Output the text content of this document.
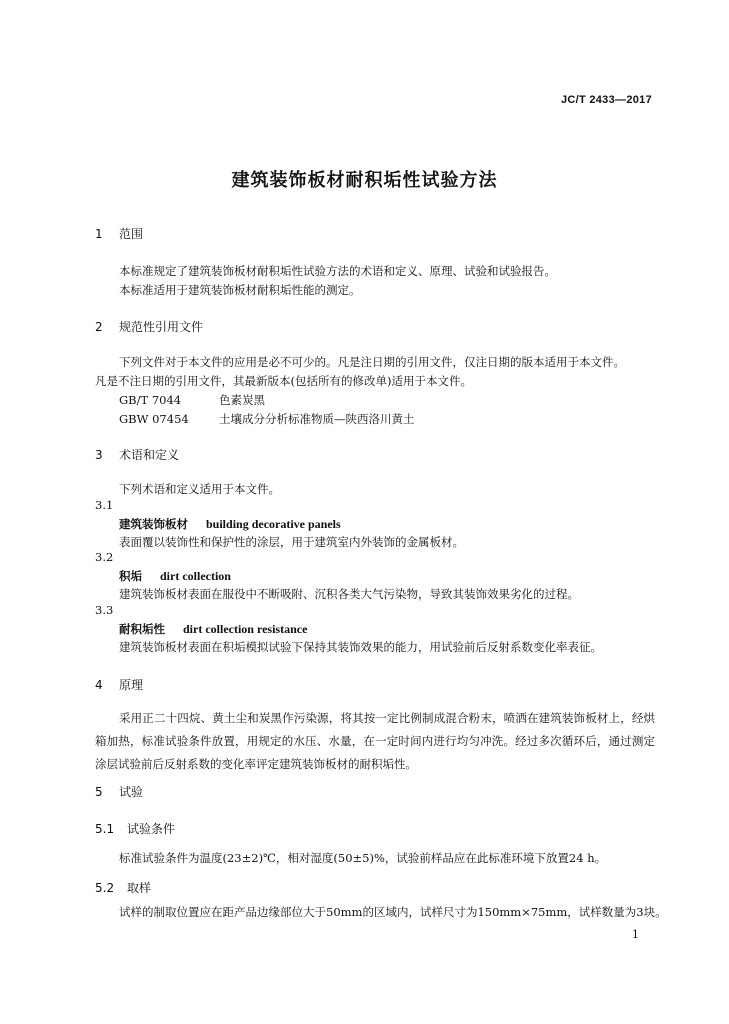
JC/T 2433—2017
建筑装饰板材耐积垢性试验方法
1 范围
本标准规定了建筑装饰板材耐积垢性试验方法的术语和定义、原理、试验和试验报告。
本标准适用于建筑装饰板材耐积垢性能的测定。
2 规范性引用文件
下列文件对于本文件的应用是必不可少的。凡是注日期的引用文件，仅注日期的版本适用于本文件。
凡是不注日期的引用文件，其最新版本(包括所有的修改单)适用于本文件。
GB/T 7044	色素炭黑
GBW 07454	土壤成分分析标准物质—陕西洛川黄土
3 术语和定义
下列术语和定义适用于本文件。
3.1
建筑装饰板材 building decorative panels
表面覆以装饰性和保护性的涂层，用于建筑室内外装饰的金属板材。
3.2
积垢 dirt collection
建筑装饰板材表面在服役中不断吸附、沉积各类大气污染物，导致其装饰效果劣化的过程。
3.3
耐积垢性 dirt collection resistance
建筑装饰板材表面在积垢模拟试验下保持其装饰效果的能力，用试验前后反射系数变化率表征。
4 原理
采用正二十四烷、黄土尘和炭黑作污染源，将其按一定比例制成混合粉末，喷洒在建筑装饰板材上，经烘箱加热，标准试验条件放置，用规定的水压、水量，在一定时间内进行均匀冲洗。经过多次循环后，通过测定涂层试验前后反射系数的变化率评定建筑装饰板材的耐积垢性。
5 试验
5.1 试验条件
标准试验条件为温度(23±2)℃，相对湿度(50±5)%，试验前样品应在此标准环境下放置24 h。
5.2 取样
试样的制取位置应在距产品边缘部位大于50mm的区域内，试样尺寸为150mm×75mm，试样数量为3块。
1
